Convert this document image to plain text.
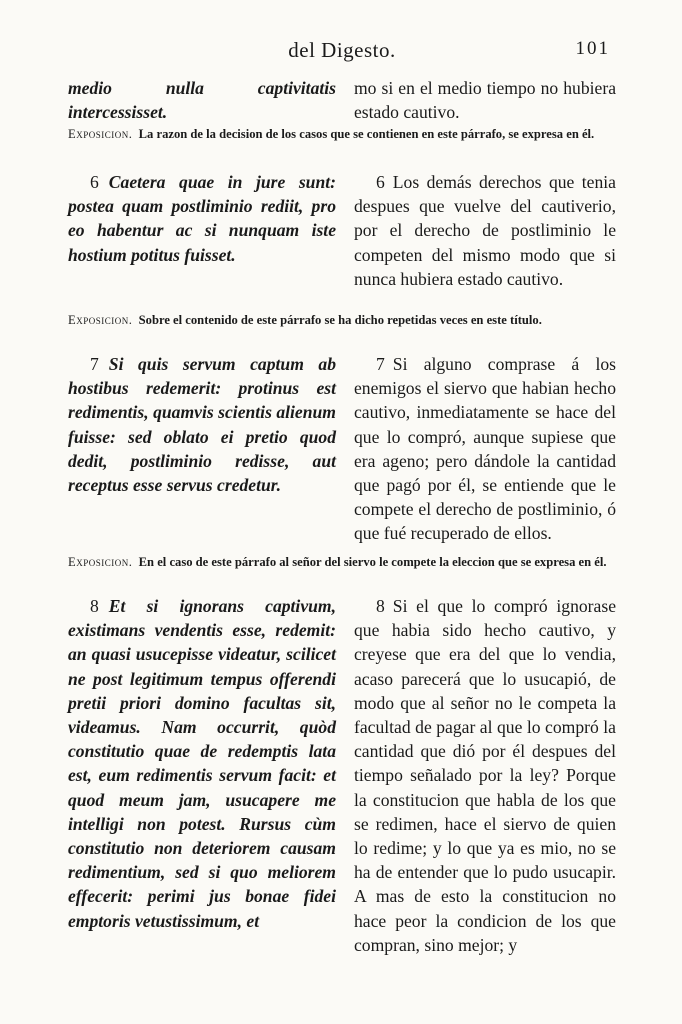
del Digesto.	101
medio nulla captivitatis intercessisset.
mo si en el medio tiempo no hubiera estado cautivo.
Exposicion. La razon de la decision de los casos que se contienen en este párrafo, se expresa en él.
6 Caetera quae in jure sunt: postea quam postliminio rediit, pro eo habentur ac si nunquam iste hostium potitus fuisset.
6 Los demás derechos que tenia despues que vuelve del cautiverio, por el derecho de postliminio le competen del mismo modo que si nunca hubiera estado cautivo.
Exposicion. Sobre el contenido de este párrafo se ha dicho repetidas veces en este título.
7 Si quis servum captum ab hostibus redemerit: protinus est redimentis, quamvis scientis alienum fuisse: sed oblato ei pretio quod dedit, postliminio redisse, aut receptus esse servus credetur.
7 Si alguno comprase á los enemigos el siervo que habian hecho cautivo, inmediatamente se hace del que lo compró, aunque supiese que era ageno; pero dándole la cantidad que pagó por él, se entiende que le compete el derecho de postliminio, ó que fué recuperado de ellos.
Exposicion. En el caso de este párrafo al señor del siervo le compete la eleccion que se expresa en él.
8 Et si ignorans captivum, existimans vendentis esse, redemit: an quasi usucepisse videatur, scilicet ne post legitimum tempus offerendi pretii priori domino facultas sit, videamus. Nam occurrit, quòd constitutio quae de redemptis lata est, eum redimentis servum facit: et quod meum jam, usucapere me intelligi non potest. Rursus cùm constitutio non deteriorem causam redimentium, sed si quo meliorem effecerit: perimi jus bonae fidei emptoris vetustissimum, et
8 Si el que lo compró ignorase que habia sido hecho cautivo, y creyese que era del que lo vendia, acaso parecerá que lo usucapió, de modo que al señor no le competa la facultad de pagar al que lo compró la cantidad que dió por él despues del tiempo señalado por la ley? Porque la constitucion que habla de los que se redimen, hace el siervo de quien lo redime; y lo que ya es mio, no se ha de entender que lo pudo usucapir. A mas de esto la constitucion no hace peor la condicion de los que compran, sino mejor; y
